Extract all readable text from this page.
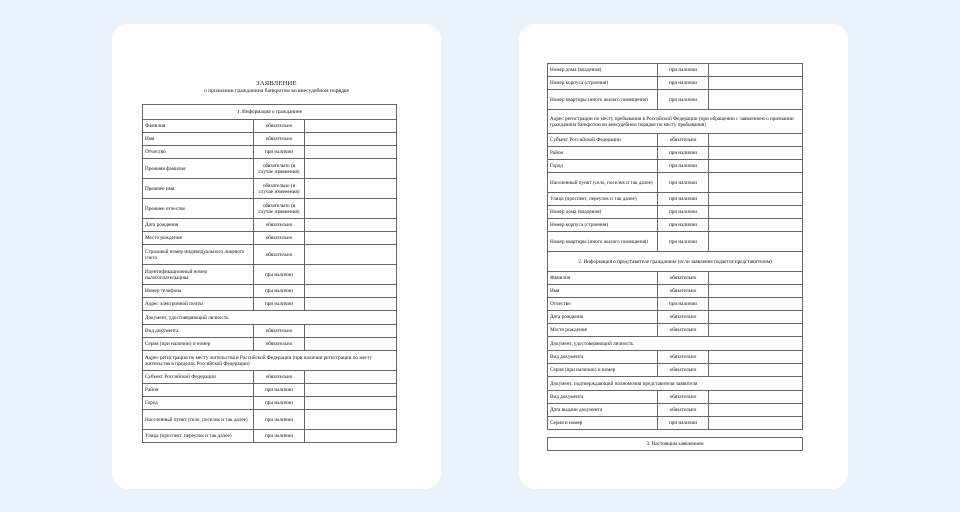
ЗАЯВЛЕНИЕ
о признании гражданина банкротом во внесудебном порядке
1. Информация о гражданине		
Фамилия	обязательно	
Имя	обязательно	
Отчество	при наличии	
Прежняя фамилия	обязательно (в случае изменения)	
Прежнее имя	обязательно (в случае изменения)	
Прежнее отчество	обязательно (в случае изменения)	
Дата рождения	обязательно	
Место рождения	обязательно	
Страховой номер индивидуального лицевого счета	обязательно	
Идентификационный номер налогоплательщика	при наличии	
Номер телефона	при наличии	
Адрес электронной почты	при наличии	
Документ, удостоверяющий личность		
Вид документа	обязательно	
Серия (при наличии) и номер	обязательно	
Адрес регистрации по месту жительства в Российской Федерации (при наличии регистрации по месту жительства в пределах Российской Федерации)		
Субъект Российской Федерации	обязательно	
Район	при наличии	
Город	при наличии	
Населенный пункт (село, поселок и так далее)	при наличии	
Улица (проспект, переулок и так далее)	при наличии	
Номер дома (владения)	при наличии	
Номер корпуса (строения)	при наличии	
Номер квартиры (иного жилого помещения)	при наличии	
Адрес регистрации по месту пребывания в Российской Федерации (при обращении с заявлением о признании гражданина банкротом во внесудебном порядке по месту пребывания)		
Субъект Российской Федерации	обязательно	
Район	при наличии	
Город	при наличии	
Населенный пункт (село, поселок и так далее)	при наличии	
Улица (проспект, переулок и так далее)	при наличии	
Номер дома (владения)	при наличии	
Номер корпуса (строения)	при наличии	
Номер квартиры (иного жилого помещения)	при наличии	
2. Информация о представителе гражданина (если заявление подается представителем)		
Фамилия	обязательно	
Имя	обязательно	
Отчество	при наличии	
Дата рождения	обязательно	
Место рождения	обязательно	
Документ, удостоверяющий личность		
Вид документа	обязательно	
Серия (при наличии) и номер	обязательно	
Документ, подтверждающий полномочия представителя заявителя		
Вид документа	обязательно	
Дата выдачи документа	обязательно	
Серия и номер	при наличии	
3. Настоящим заявлением
